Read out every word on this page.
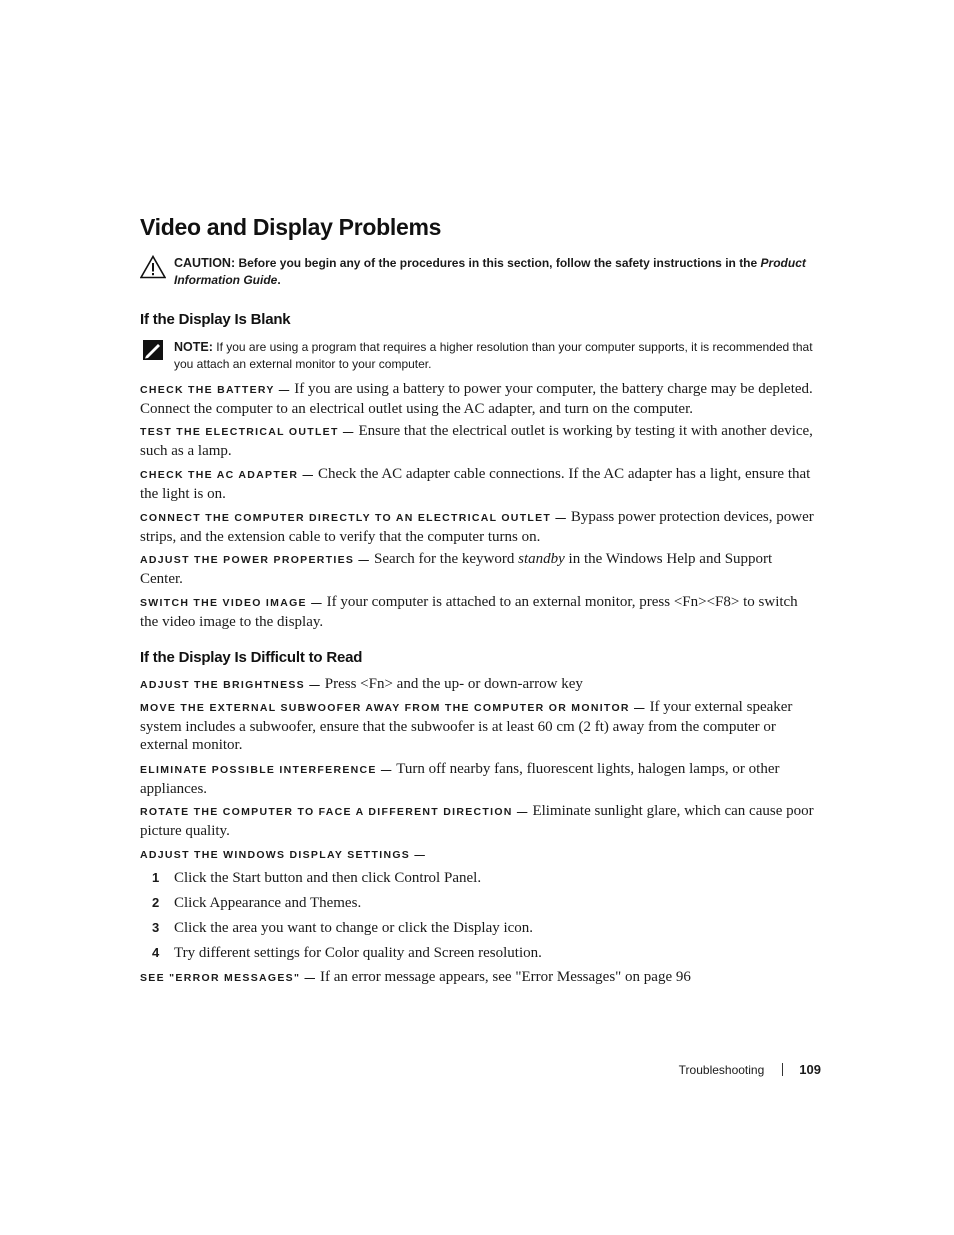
Video and Display Problems
CAUTION: Before you begin any of the procedures in this section, follow the safety instructions in the Product Information Guide.
If the Display Is Blank
NOTE: If you are using a program that requires a higher resolution than your computer supports, it is recommended that you attach an external monitor to your computer.

CHECK THE BATTERY — If you are using a battery to power your computer, the battery charge may be depleted. Connect the computer to an electrical outlet using the AC adapter, and turn on the computer.

TEST THE ELECTRICAL OUTLET — Ensure that the electrical outlet is working by testing it with another device, such as a lamp.

CHECK THE AC ADAPTER — Check the AC adapter cable connections. If the AC adapter has a light, ensure that the light is on.

CONNECT THE COMPUTER DIRECTLY TO AN ELECTRICAL OUTLET — Bypass power protection devices, power strips, and the extension cable to verify that the computer turns on.

ADJUST THE POWER PROPERTIES — Search for the keyword standby in the Windows Help and Support Center.

SWITCH THE VIDEO IMAGE — If your computer is attached to an external monitor, press <Fn><F8> to switch the video image to the display.

If the Display Is Difficult to Read

ADJUST THE BRIGHTNESS — Press <Fn> and the up- or down-arrow key

MOVE THE EXTERNAL SUBWOOFER AWAY FROM THE COMPUTER OR MONITOR — If your external speaker system includes a subwoofer, ensure that the subwoofer is at least 60 cm (2 ft) away from the computer or external monitor.

ELIMINATE POSSIBLE INTERFERENCE — Turn off nearby fans, fluorescent lights, halogen lamps, or other appliances.

ROTATE THE COMPUTER TO FACE A DIFFERENT DIRECTION — Eliminate sunlight glare, which can cause poor picture quality.

ADJUST THE WINDOWS DISPLAY SETTINGS —

1 Click the Start button and then click Control Panel.
2 Click Appearance and Themes.
3 Click the area you want to change or click the Display icon.
4 Try different settings for Color quality and Screen resolution.

SEE "ERROR MESSAGES" — If an error message appears, see "Error Messages" on page 96

Troubleshooting	109
